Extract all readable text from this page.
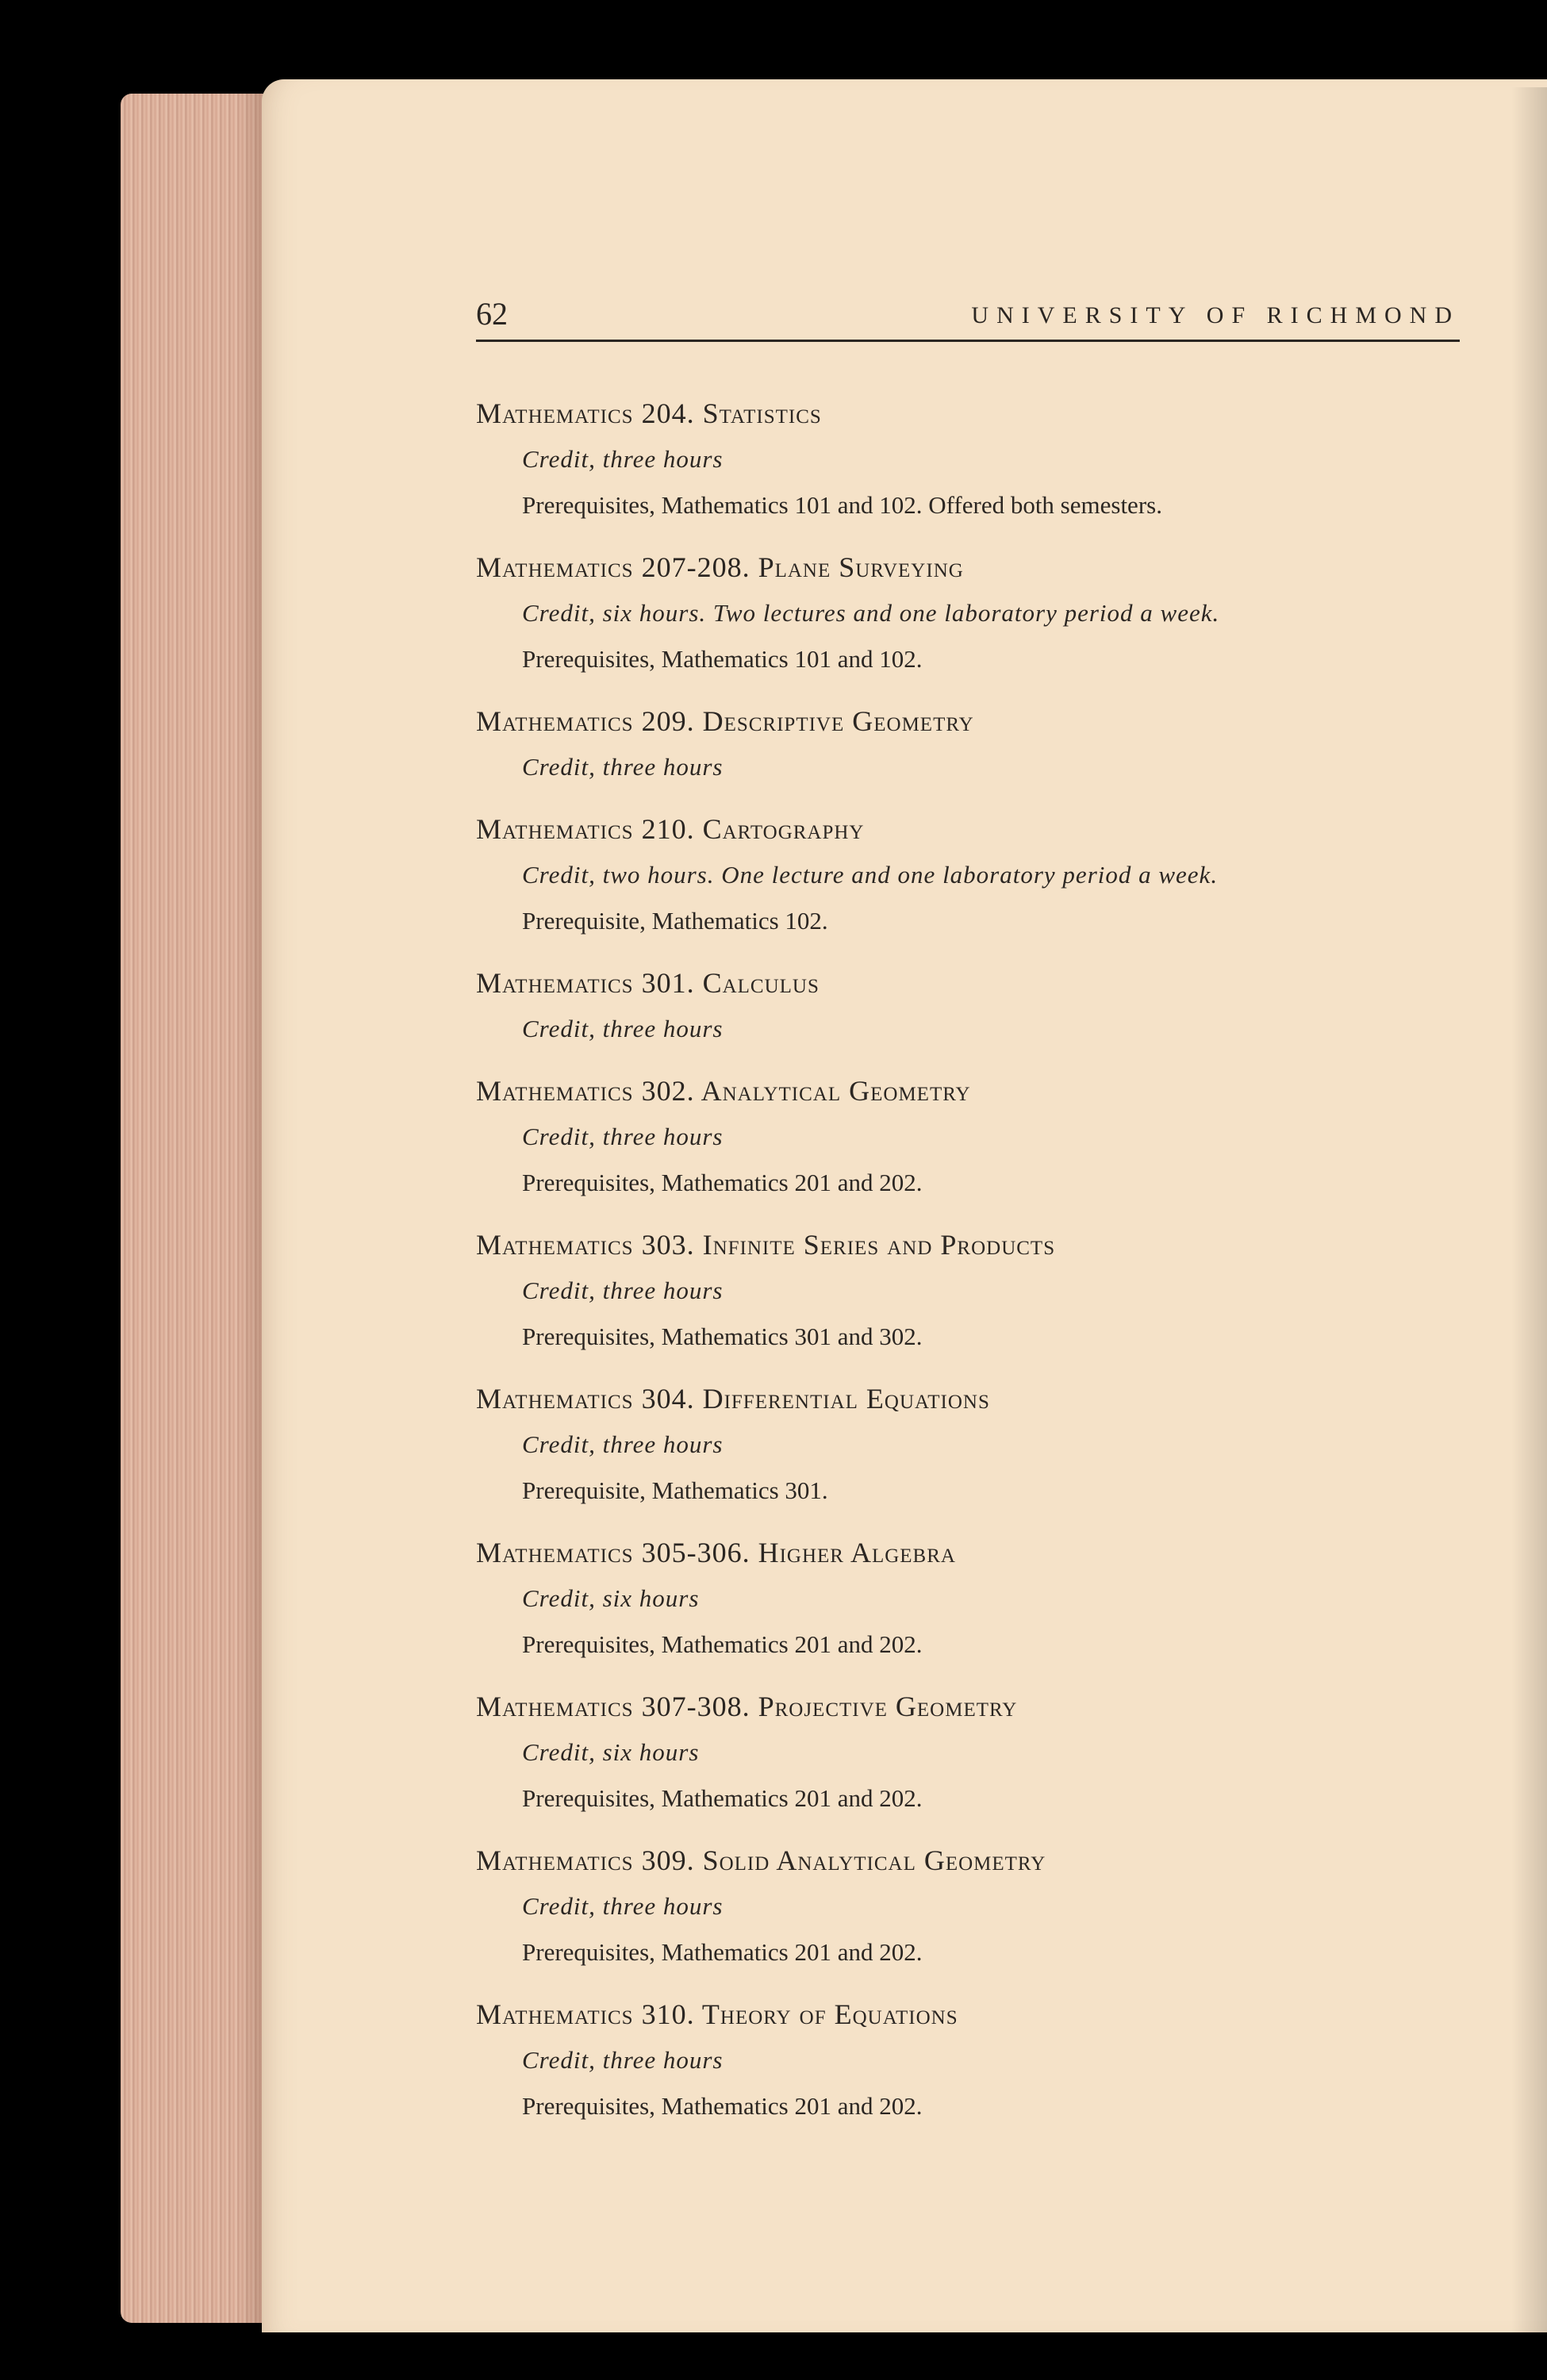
62	UNIVERSITY OF RICHMOND
Mathematics 204. Statistics
Credit, three hours
Prerequisites, Mathematics 101 and 102. Offered both semesters.
Mathematics 207-208. Plane Surveying
Credit, six hours. Two lectures and one laboratory period a week.
Prerequisites, Mathematics 101 and 102.
Mathematics 209. Descriptive Geometry
Credit, three hours
Mathematics 210. Cartography
Credit, two hours. One lecture and one laboratory period a week.
Prerequisite, Mathematics 102.
Mathematics 301. Calculus
Credit, three hours
Mathematics 302. Analytical Geometry
Credit, three hours
Prerequisites, Mathematics 201 and 202.
Mathematics 303. Infinite Series and Products
Credit, three hours
Prerequisites, Mathematics 301 and 302.
Mathematics 304. Differential Equations
Credit, three hours
Prerequisite, Mathematics 301.
Mathematics 305-306. Higher Algebra
Credit, six hours
Prerequisites, Mathematics 201 and 202.
Mathematics 307-308. Projective Geometry
Credit, six hours
Prerequisites, Mathematics 201 and 202.
Mathematics 309. Solid Analytical Geometry
Credit, three hours
Prerequisites, Mathematics 201 and 202.
Mathematics 310. Theory of Equations
Credit, three hours
Prerequisites, Mathematics 201 and 202.
